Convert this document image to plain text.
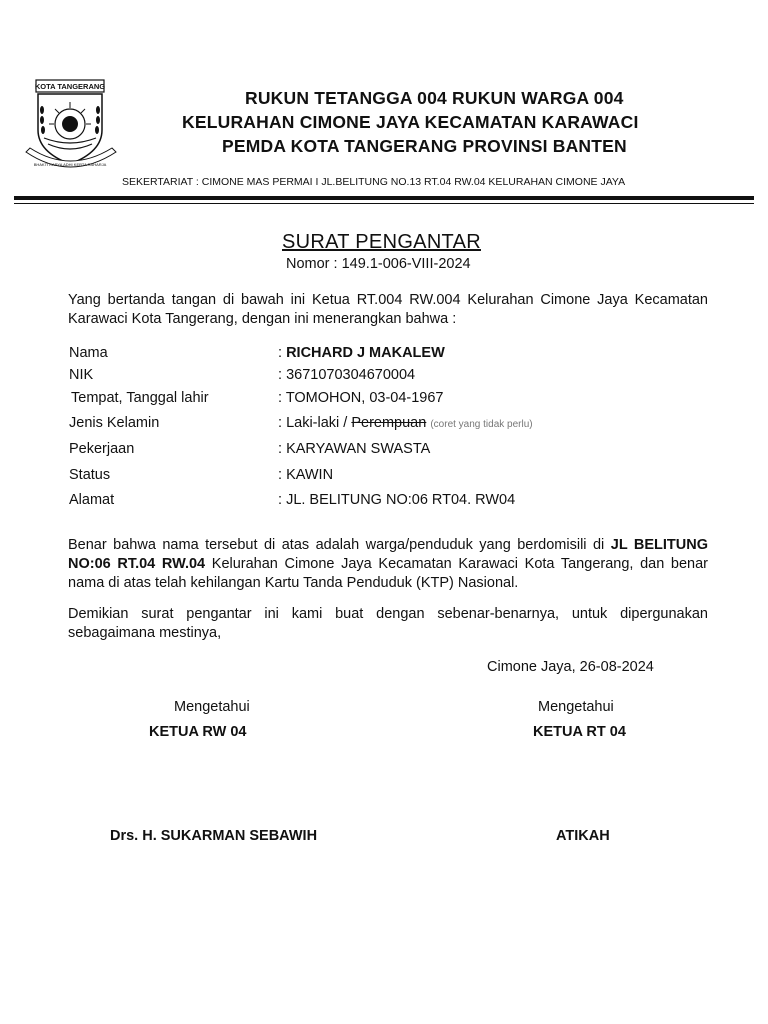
KOTA TANGERANG
BHAKTI KARYA ADHI KERTA RAHARJA
RUKUN TETANGGA 004 RUKUN WARGA 004
KELURAHAN CIMONE JAYA KECAMATAN KARAWACI
PEMDA KOTA TANGERANG PROVINSI BANTEN
SEKERTARIAT : CIMONE MAS PERMAI I JL.BELITUNG NO.13 RT.04 RW.04 KELURAHAN CIMONE JAYA
SURAT PENGANTAR
Nomor : 149.1-006-VIII-2024
Yang bertanda tangan di bawah ini Ketua RT.004 RW.004 Kelurahan Cimone Jaya Kecamatan Karawaci Kota Tangerang, dengan ini menerangkan bahwa :
Nama	: RICHARD J MAKALEW
NIK	: 3671070304670004
Tempat, Tanggal lahir	: TOMOHON, 03-04-1967
Jenis Kelamin	: Laki-laki / Perempuan (coret yang tidak perlu)
Pekerjaan	: KARYAWAN SWASTA
Status	: KAWIN
Alamat	: JL. BELITUNG NO:06 RT04. RW04
Benar bahwa nama tersebut di atas adalah warga/penduduk yang berdomisili di JL BELITUNG NO:06 RT.04 RW.04 Kelurahan Cimone Jaya Kecamatan Karawaci Kota Tangerang, dan benar nama di atas telah kehilangan Kartu Tanda Penduduk (KTP) Nasional.
Demikian surat pengantar ini kami buat dengan sebenar-benarnya, untuk dipergunakan sebagaimana mestinya,
Cimone Jaya, 26-08-2024
Mengetahui
KETUA RW 04
Drs. H. SUKARMAN SEBAWIH
Mengetahui
KETUA RT 04
ATIKAH
